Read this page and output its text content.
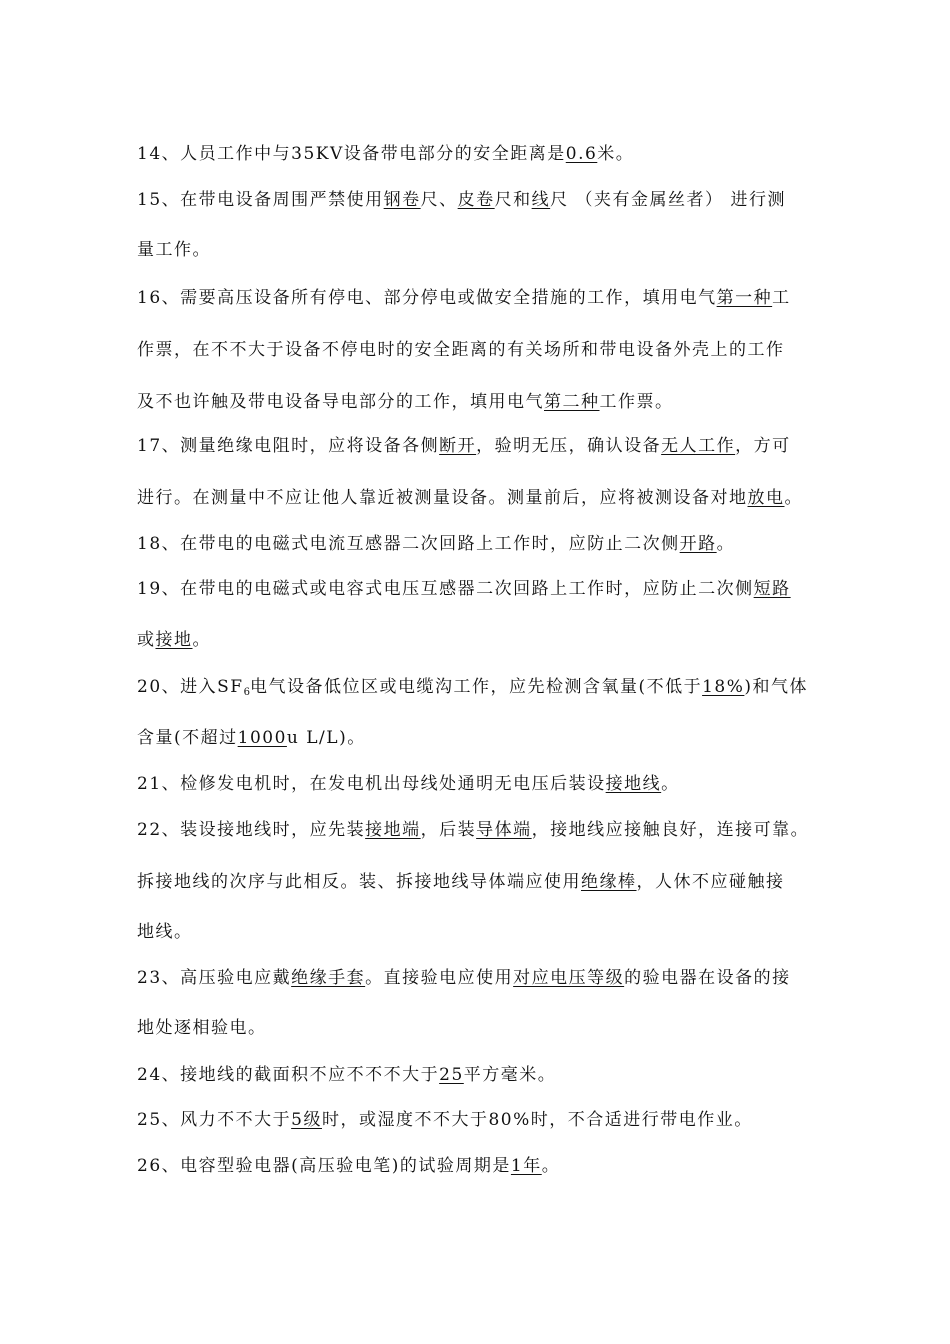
14、人员工作中与35KV设备带电部分的安全距离是0.6米。
15、在带电设备周围严禁使用钢卷尺、皮卷尺和线尺 （夹有金属丝者） 进行测
量工作。
16、需要高压设备所有停电、部分停电或做安全措施的工作，填用电气第一种工
作票，在不不大于设备不停电时的安全距离的有关场所和带电设备外壳上的工作
及不也许触及带电设备导电部分的工作，填用电气第二种工作票。
17、测量绝缘电阻时，应将设备各侧断开，验明无压，确认设备无人工作，方可
进行。在测量中不应让他人靠近被测量设备。测量前后，应将被测设备对地放电。
18、在带电的电磁式电流互感器二次回路上工作时，应防止二次侧开路。
19、在带电的电磁式或电容式电压互感器二次回路上工作时，应防止二次侧短路
或接地。
20、进入$SF_6$电气设备低位区或电缆沟工作，应先检测含氧量(不低于18%)和气体
含量(不超过1000u L/L)。
21、检修发电机时，在发电机出母线处通明无电压后装设接地线。
22、装设接地线时，应先装接地端，后装导体端，接地线应接触良好，连接可靠。
拆接地线的次序与此相反。装、拆接地线导体端应使用绝缘棒，人休不应碰触接
地线。
23、高压验电应戴绝缘手套。直接验电应使用对应电压等级的验电器在设备的接
地处逐相验电。
24、接地线的截面积不应不不不大于25平方毫米。
25、风力不不大于5级时，或湿度不不大于80%时，不合适进行带电作业。
26、电容型验电器(高压验电笔)的试验周期是1年。
